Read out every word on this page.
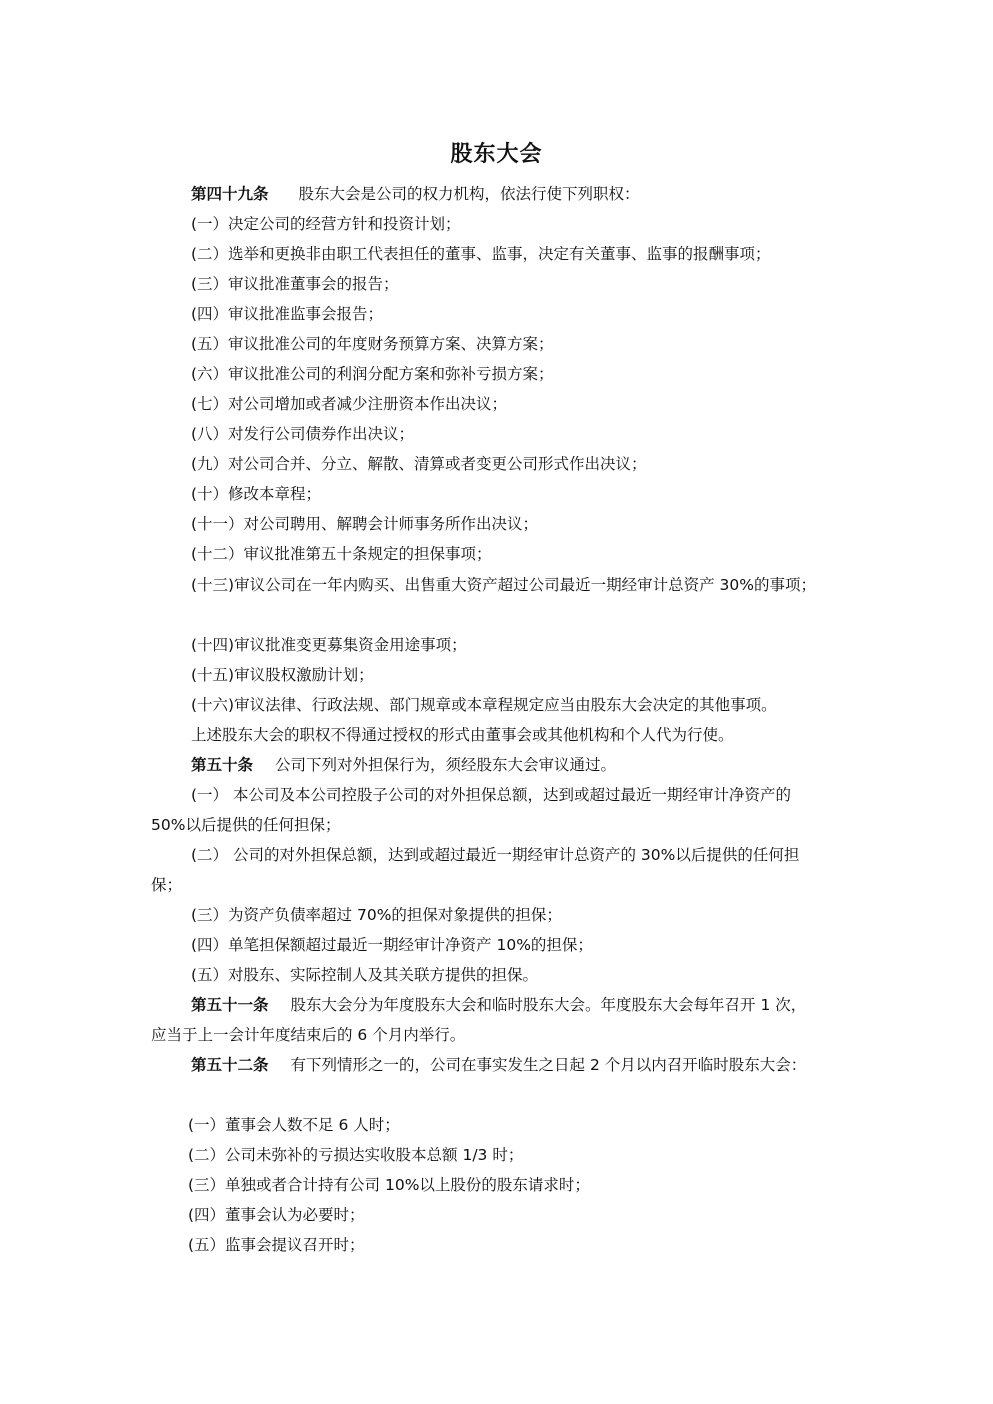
股东大会
第四十九条 股东大会是公司的权力机构，依法行使下列职权：
(一）决定公司的经营方针和投资计划；
(二）选举和更换非由职工代表担任的董事、监事，决定有关董事、监事的报酬事项；
(三）审议批准董事会的报告；
(四）审议批准监事会报告；
(五）审议批准公司的年度财务预算方案、决算方案；
(六）审议批准公司的利润分配方案和弥补亏损方案；
(七）对公司增加或者减少注册资本作出决议；
(八）对发行公司债券作出决议；
(九）对公司合并、分立、解散、清算或者变更公司形式作出决议；
(十）修改本章程；
(十一）对公司聘用、解聘会计师事务所作出决议；
(十二）审议批准第五十条规定的担保事项；
(十三)审议公司在一年内购买、出售重大资产超过公司最近一期经审计总资产 30%的事项；
(十四)审议批准变更募集资金用途事项；
(十五)审议股权激励计划；
(十六)审议法律、行政法规、部门规章或本章程规定应当由股东大会决定的其他事项。
上述股东大会的职权不得通过授权的形式由董事会或其他机构和个人代为行使。
第五十条 公司下列对外担保行为，须经股东大会审议通过。
(一） 本公司及本公司控股子公司的对外担保总额，达到或超过最近一期经审计净资产的
50%以后提供的任何担保；
(二） 公司的对外担保总额，达到或超过最近一期经审计总资产的 30%以后提供的任何担
保；
(三）为资产负债率超过 70%的担保对象提供的担保；
(四）单笔担保额超过最近一期经审计净资产 10%的担保；
(五）对股东、实际控制人及其关联方提供的担保。
第五十一条 股东大会分为年度股东大会和临时股东大会。年度股东大会每年召开 1 次，
应当于上一会计年度结束后的 6 个月内举行。
第五十二条 有下列情形之一的，公司在事实发生之日起 2 个月以内召开临时股东大会：
(一）董事会人数不足 6 人时；
(二）公司未弥补的亏损达实收股本总额 1/3 时；
(三）单独或者合计持有公司 10%以上股份的股东请求时；
(四）董事会认为必要时；
(五）监事会提议召开时；
